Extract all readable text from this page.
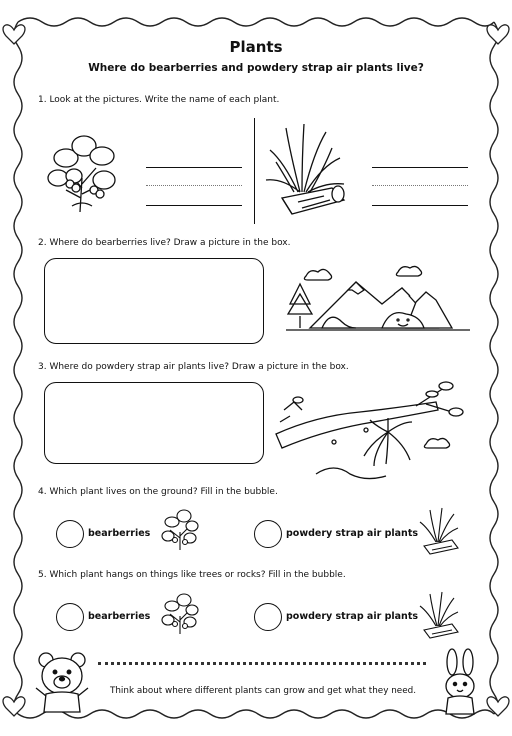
Plants
Where do bearberries and powdery strap air plants live?
1. Look at the pictures. Write the name of each plant.
2. Where do bearberries live? Draw a picture in the box.
3. Where do powdery strap air plants live? Draw a picture in the box.
4. Which plant lives on the ground? Fill in the bubble.
bearberries	powdery strap air plants
5. Which plant hangs on things like trees or rocks? Fill in the bubble.
bearberries	powdery strap air plants
Think about where different plants can grow and get what they need.
